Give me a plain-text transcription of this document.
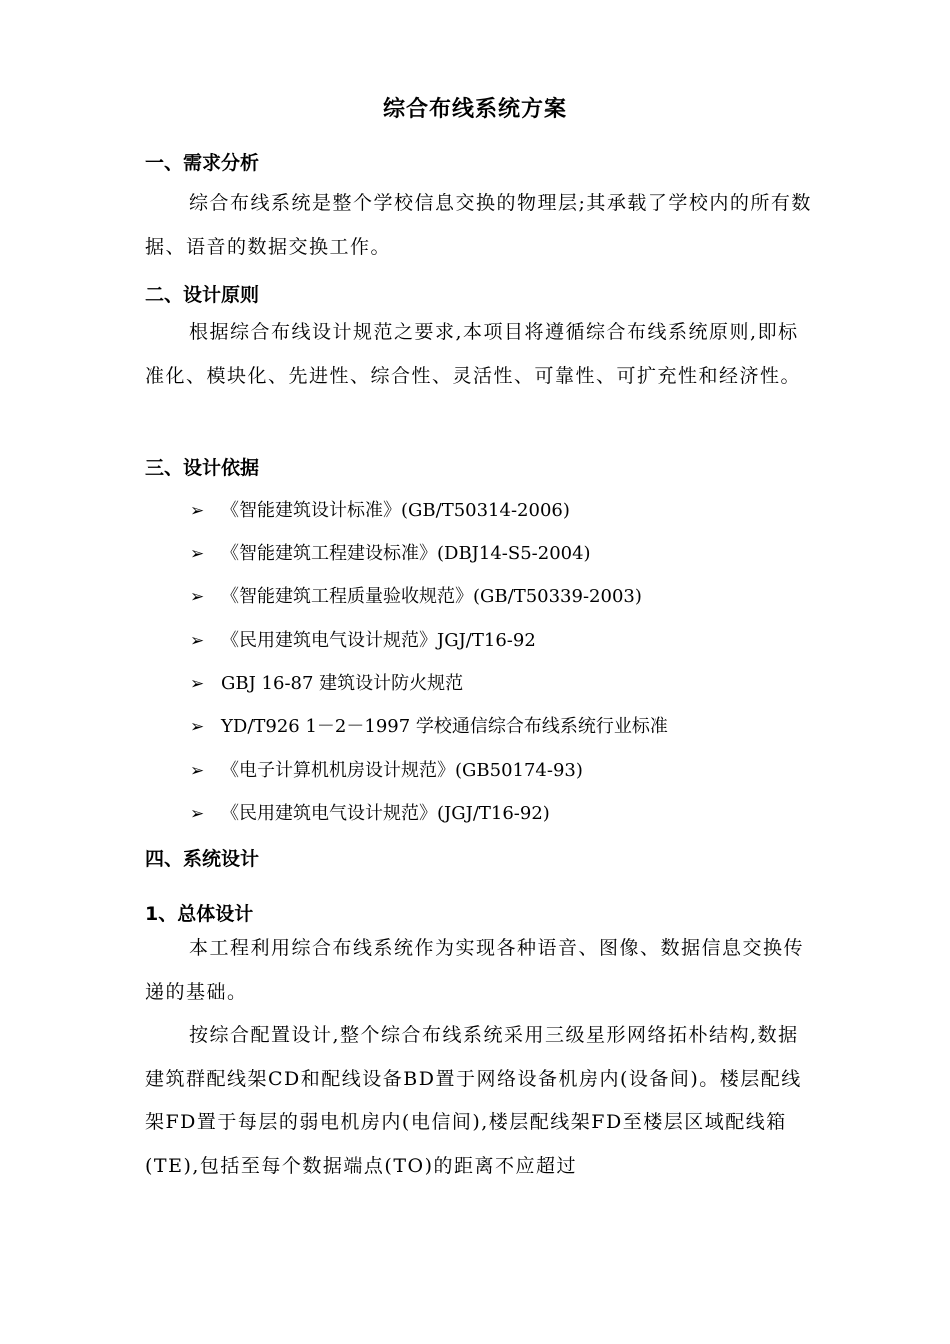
综合布线系统方案
一、需求分析

综合布线系统是整个学校信息交换的物理层;其承载了学校内的所有数据、语音的数据交换工作。

二、设计原则

根据综合布线设计规范之要求,本项目将遵循综合布线系统原则,即标准化、模块化、先进性、综合性、灵活性、可靠性、可扩充性和经济性。

三、设计依据
➢ 《智能建筑设计标准》(GB/T50314-2006)
➢ 《智能建筑工程建设标准》(DBJ14-S5-2004)
➢ 《智能建筑工程质量验收规范》(GB/T50339-2003)
➢ 《民用建筑电气设计规范》JGJ/T16-92
➢ GBJ 16-87 建筑设计防火规范
➢ YD/T926 1－2－1997 学校通信综合布线系统行业标准
➢ 《电子计算机机房设计规范》(GB50174-93)
➢ 《民用建筑电气设计规范》(JGJ/T16-92)
四、系统设计
1、总体设计

本工程利用综合布线系统作为实现各种语音、图像、数据信息交换传递的基础。

按综合配置设计,整个综合布线系统采用三级星形网络拓朴结构,数据建筑群配线架CD和配线设备BD置于网络设备机房内(设备间)。楼层配线架FD置于每层的弱电机房内(电信间),楼层配线架FD至楼层区域配线箱(TE),包括至每个数据端点(TO)的距离不应超过
